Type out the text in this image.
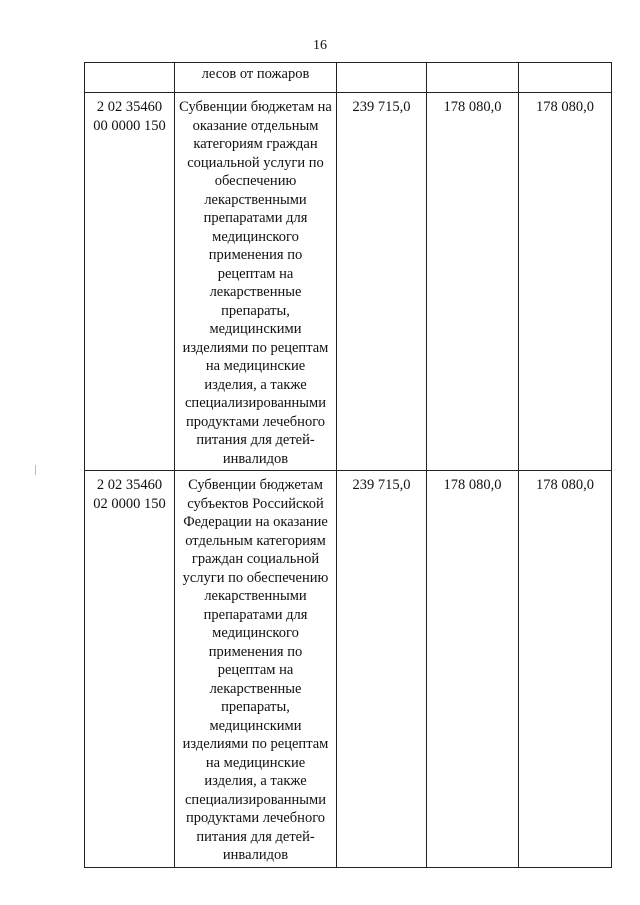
16
	лесов от пожаров			

2 02 35460
00 0000 150	Субвенции бюджетам на оказание отдельным категориям граждан социальной услуги по обеспечению лекарственными препаратами для медицинского применения по рецептам на лекарственные препараты, медицинскими изделиями по рецептам на медицинские изделия, а также специализированными продуктами лечебного питания для детей-инвалидов	239 715,0	178 080,0	178 080,0

2 02 35460
02 0000 150	Субвенции бюджетам субъектов Российской Федерации на оказание отдельным категориям граждан социальной услуги по обеспечению лекарственными препаратами для медицинского применения по рецептам на лекарственные препараты, медицинскими изделиями по рецептам на медицинские изделия, а также специализированными продуктами лечебного питания для детей-инвалидов	239 715,0	178 080,0	178 080,0
